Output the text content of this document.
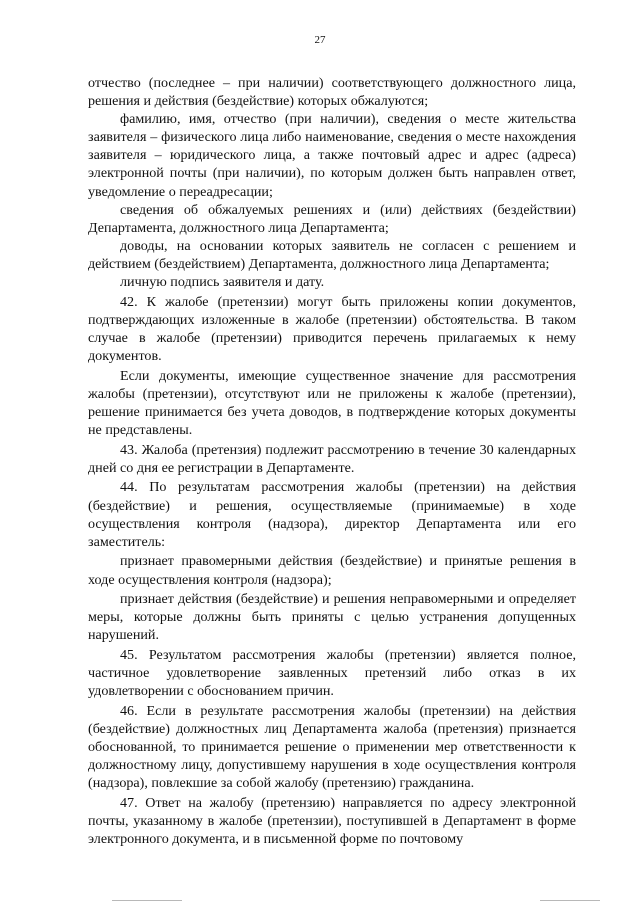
27

отчество (последнее – при наличии) соответствующего должностного лица, решения и действия (бездействие) которых обжалуются;

фамилию, имя, отчество (при наличии), сведения о месте жительства заявителя – физического лица либо наименование, сведения о месте нахождения заявителя – юридического лица, а также почтовый адрес и адрес (адреса) электронной почты (при наличии), по которым должен быть направлен ответ, уведомление о переадресации;

сведения об обжалуемых решениях и (или) действиях (бездействии) Департамента, должностного лица Департамента;

доводы, на основании которых заявитель не согласен с решением и действием (бездействием) Департамента, должностного лица Департамента;

личную подпись заявителя и дату.

42. К жалобе (претензии) могут быть приложены копии документов, подтверждающих изложенные в жалобе (претензии) обстоятельства. В таком случае в жалобе (претензии) приводится перечень прилагаемых к нему документов.

Если документы, имеющие существенное значение для рассмотрения жалобы (претензии), отсутствуют или не приложены к жалобе (претензии), решение принимается без учета доводов, в подтверждение которых документы не представлены.

43. Жалоба (претензия) подлежит рассмотрению в течение 30 календарных дней со дня ее регистрации в Департаменте.

44. По результатам рассмотрения жалобы (претензии) на действия (бездействие) и решения, осуществляемые (принимаемые) в ходе осуществления контроля (надзора), директор Департамента или его заместитель:

признает правомерными действия (бездействие) и принятые решения в ходе осуществления контроля (надзора);

признает действия (бездействие) и решения неправомерными и определяет меры, которые должны быть приняты с целью устранения допущенных нарушений.

45. Результатом рассмотрения жалобы (претензии) является полное, частичное удовлетворение заявленных претензий либо отказ в их удовлетворении с обоснованием причин.

46. Если в результате рассмотрения жалобы (претензии) на действия (бездействие) должностных лиц Департамента жалоба (претензия) признается обоснованной, то принимается решение о применении мер ответственности к должностному лицу, допустившему нарушения в ходе осуществления контроля (надзора), повлекшие за собой жалобу (претензию) гражданина.

47. Ответ на жалобу (претензию) направляется по адресу электронной почты, указанному в жалобе (претензии), поступившей в Департамент в форме электронного документа, и в письменной форме по почтовому
